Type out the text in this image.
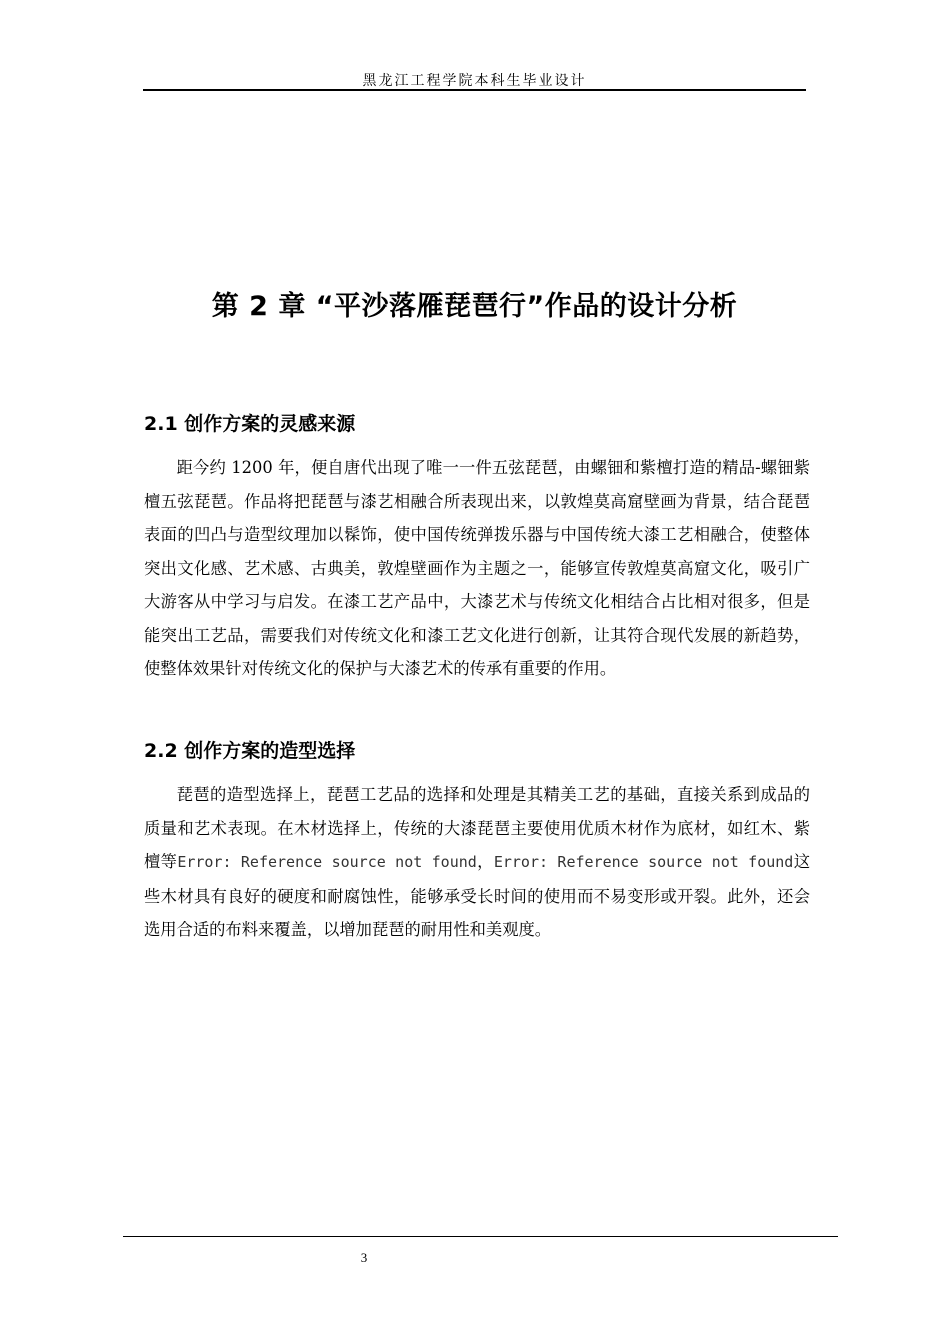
黑龙江工程学院本科生毕业设计
第 2 章 “平沙落雁琵琶行”作品的设计分析
2.1 创作方案的灵感来源

距今约 1200 年，便自唐代出现了唯一一件五弦琵琶，由螺钿和紫檀打造的精品-螺钿紫檀五弦琵琶。作品将把琵琶与漆艺相融合所表现出来，以敦煌莫高窟壁画为背景，结合琵琶表面的凹凸与造型纹理加以髹饰，使中国传统弹拨乐器与中国传统大漆工艺相融合，使整体突出文化感、艺术感、古典美，敦煌壁画作为主题之一，能够宣传敦煌莫高窟文化，吸引广大游客从中学习与启发。在漆工艺产品中，大漆艺术与传统文化相结合占比相对很多，但是能突出工艺品，需要我们对传统文化和漆工艺文化进行创新，让其符合现代发展的新趋势，使整体效果针对传统文化的保护与大漆艺术的传承有重要的作用。

2.2 创作方案的造型选择

琵琶的造型选择上，琵琶工艺品的选择和处理是其精美工艺的基础，直接关系到成品的质量和艺术表现。在木材选择上，传统的大漆琵琶主要使用优质木材作为底材，如红木、紫檀等Error: Reference source not found，Error: Reference source not found这些木材具有良好的硬度和耐腐蚀性，能够承受长时间的使用而不易变形或开裂。此外，还会选用合适的布料来覆盖，以增加琵琶的耐用性和美观度。

3
